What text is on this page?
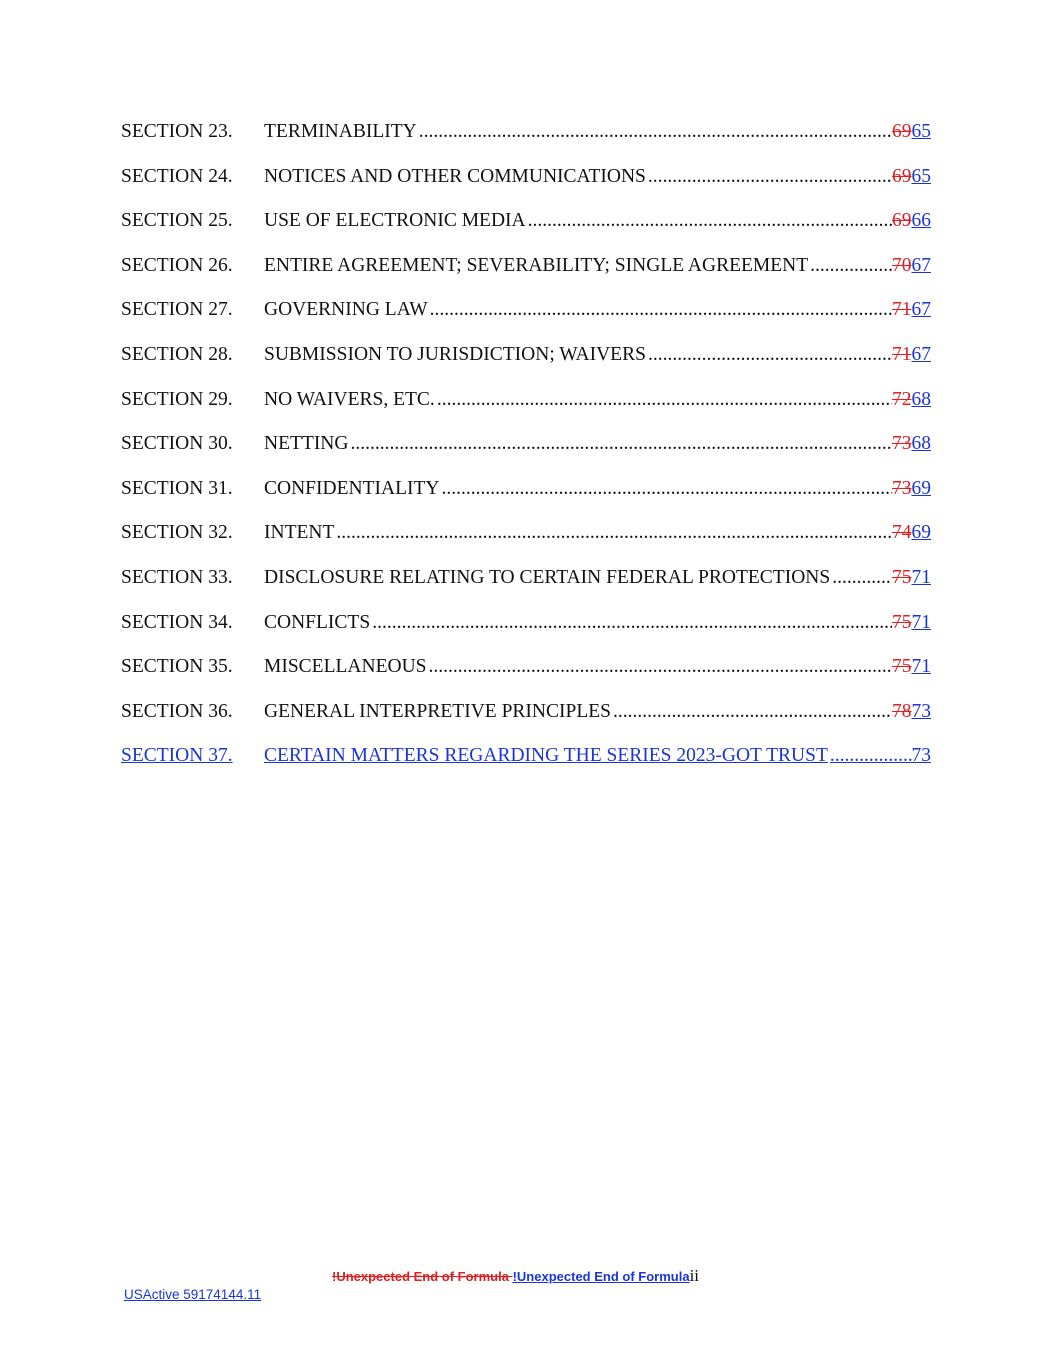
SECTION 23.	TERMINABILITY .....	6965
SECTION 24.	NOTICES AND OTHER COMMUNICATIONS .....	6965
SECTION 25.	USE OF ELECTRONIC MEDIA .....	6966
SECTION 26.	ENTIRE AGREEMENT; SEVERABILITY; SINGLE AGREEMENT .....	7067
SECTION 27.	GOVERNING LAW .....	7167
SECTION 28.	SUBMISSION TO JURISDICTION; WAIVERS .....	7167
SECTION 29.	NO WAIVERS, ETC. .....	7268
SECTION 30.	NETTING .....	7368
SECTION 31.	CONFIDENTIALITY .....	7369
SECTION 32.	INTENT .....	7469
SECTION 33.	DISCLOSURE RELATING TO CERTAIN FEDERAL PROTECTIONS .....	7571
SECTION 34.	CONFLICTS .....	7571
SECTION 35.	MISCELLANEOUS .....	7571
SECTION 36.	GENERAL INTERPRETIVE PRINCIPLES .....	7873
SECTION 37.	CERTAIN MATTERS REGARDING THE SERIES 2023-GOT TRUST .....	73
!Unexpected End of Formula !Unexpected End of Formulaii
USActive 59174144.11
